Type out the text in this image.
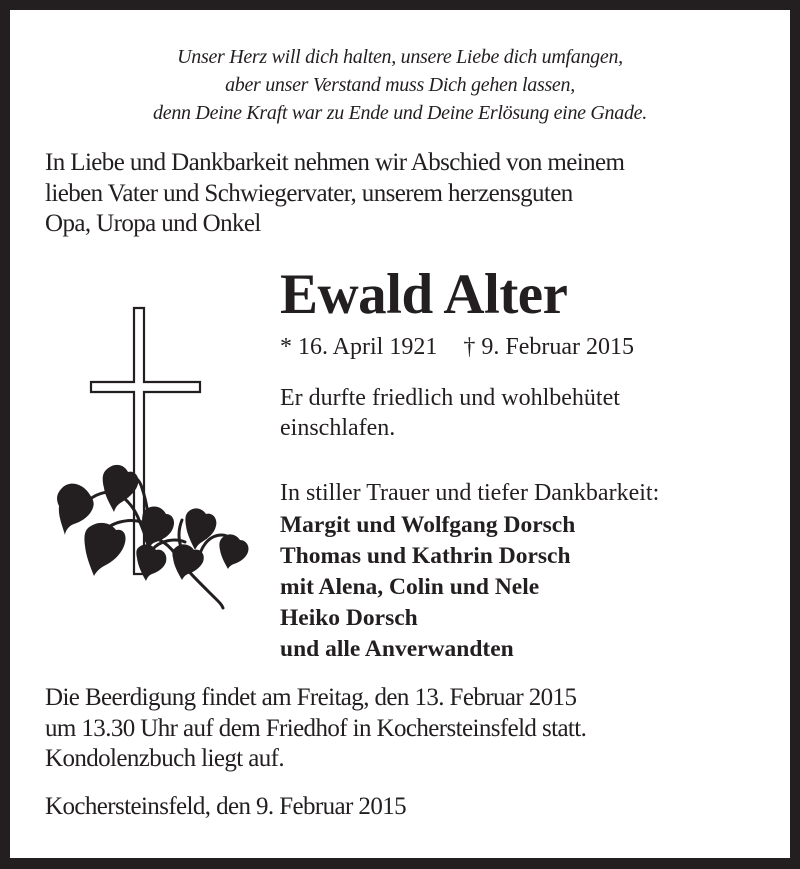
Unser Herz will dich halten, unsere Liebe dich umfangen,
aber unser Verstand muss Dich gehen lassen,
denn Deine Kraft war zu Ende und Deine Erlösung eine Gnade.
In Liebe und Dankbarkeit nehmen wir Abschied von meinem
lieben Vater und Schwiegervater, unserem herzensguten
Opa, Uropa und Onkel
Ewald Alter
* 16. April 1921 † 9. Februar 2015
Er durfte friedlich und wohlbehütet
einschlafen.
In stiller Trauer und tiefer Dankbarkeit:
Margit und Wolfgang Dorsch
Thomas und Kathrin Dorsch
mit Alena, Colin und Nele
Heiko Dorsch
und alle Anverwandten
Die Beerdigung findet am Freitag, den 13. Februar 2015
um 13.30 Uhr auf dem Friedhof in Kochersteinsfeld statt.
Kondolenzbuch liegt auf.
Kochersteinsfeld, den 9. Februar 2015
